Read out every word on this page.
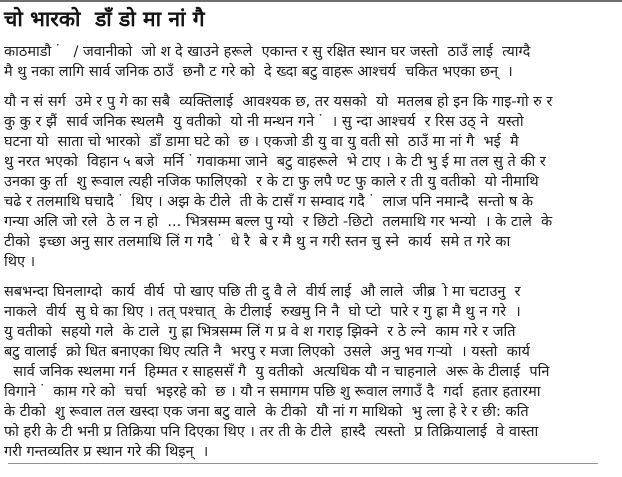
चो भारको  डाँ डो मा नां गै
काठमाडौ  ं   / जवानीको  जो श दे खाउने हरूले  एकान्त र सु रक्षित स्थान घर जस्तो  ठाउँ लाई  त्याग्दै
मै थु नका लागि सार्व जनिक ठाउँ  छनौ ट गरे को  दे ख्दा बटु वाहरू आश्चर्य  चकित भएका छन्  ।
यौ न सं सर्ग  उमे र पु गे का सबै  व्यक्तिलाई  आवश्यक छ, तर यसको  यो  मतलब हो इन कि गाइ-गो रु र
कु कु र झैं  सार्व जनिक स्थलमै  यु वतीको  यो नी मन्थन गने  ं  । सु न्दा आश्चर्य  र रिस उठ् ने  यस्तो
घटना यो  साता चो भारको  डाँ डामा घटे को  छ । एकजो डी यु वा यु वती सो  ठाउँ मा नां गै  भई  मै
थु नरत भएको  विहान ५ बजे  मर्नि  ं गवाकमा जाने  बटु वाहरूले  भे टाए । के टी भु ई मा तल सु ते की र
उनका कु र्ता  शु रूवाल त्यही नजिक फालिएको  र के टा फु लपै ण्ट फु काले र ती यु वतीको  यो नीमाथि
चढे र तलमाथि घचादै  ं  थिए । अझ के टीले  ती के टासँ ग सम्वाद गदै  ं  लाज पनि नमान्दै  सन्तो ष के
गन्या अलि जो रले  ठे ल न हो  ... भित्रसम्म बल्ल पु ग्यो  र छिटो -छिटो  तलमाथि गर भन्यो  । के टाले  के
टीको  इच्छा अनु सार तलमाथि लिं ग गदै  ं  धे रै  बे र मै थु न गरी स्तन चु स्ने  कार्य  समे त गरे का
थिए ।
सबभन्दा घिनलाग्दो  कार्य  वीर्य  पो खाए पछि ती दु वै ले  वीर्य लाई  औ लाले  जीब्र  ो मा चटाउनु  र
नाकले  वीर्य  सु घे का थिए । तत् पश्चात्  के टीलाई  रुखमु नि नै  घो प्टो  पारे र गु ह्रा मै थु न गरे  ।
यु वतीको  सहयो गले  के टाले  गु ह्रा भित्रसम्म लिं ग प्र वे श गराइ झिक्ने  र ठे ल्ने  काम गरे र जति
बटु वालाई  क्रो धित बनाएका थिए त्यति नै  भरपु र मजा लिएको  उसले  अनु भव गऱ्यो  । यस्तो  कार्य
सार्व जनिक स्थलमा गर्न  हिम्मत र साहससँ गै  यु वतीको  अत्यधिक यौ न चाहनाले  अरू के टीलाई  पनि
विगाने  ं  काम गरे को  चर्चा  भइरहे को  छ । यौ न समागम पछि शु रूवाल लगाउँ दै  गर्दा  हतार हतारमा
के टीको  शु रूवाल तल खस्दा एक जना बटु वाले  के टीको  यौ नां ग माथिको  भु त्ला हे रे र छी: कति
फो हरी के टी भनी प्र तिक्रिया पनि दिएका थिए । तर ती के टीले  हास्दै  त्यस्तो  प्र तिक्रियालाई  वे वास्ता
गरी गन्तव्यतिर प्र स्थान गरे की थिइन्  ।
